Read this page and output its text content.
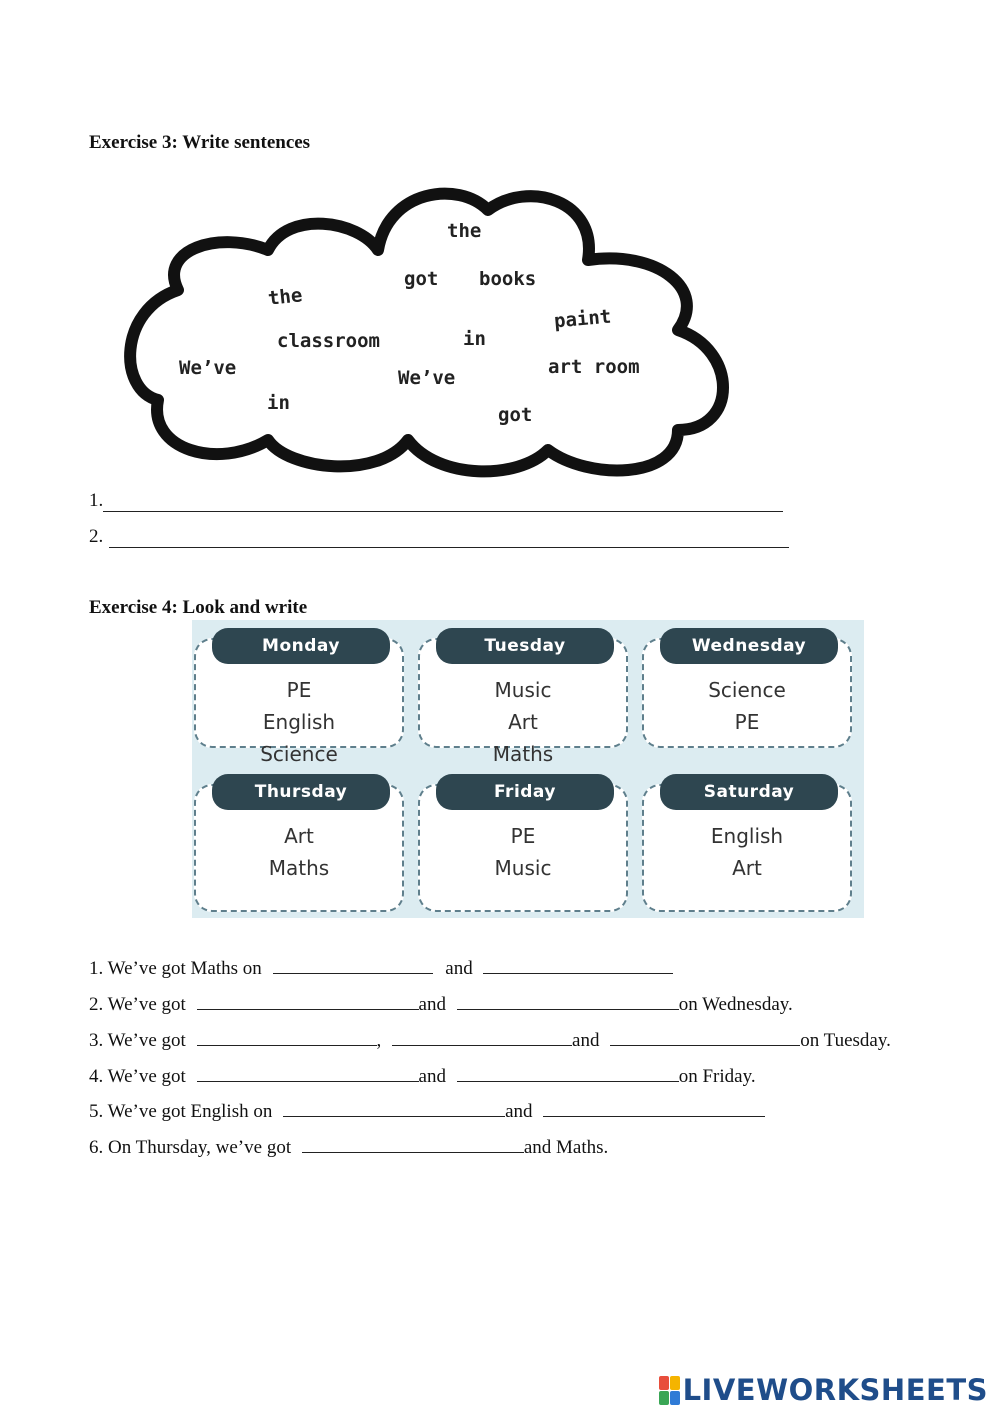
Exercise 3: Write sentences
the
got books
the
paint
classroom	in
We’ve	We’ve	art room
in
got
1.
2.
Exercise 4: Look and write
Monday
PE
English
Science
Tuesday
Music
Art
Maths
Wednesday
Science
PE
Thursday
Art
Maths
Friday
PE
Music
Saturday
English
Art
1. We’ve got Maths on	and
2. We’ve got	and	on Wednesday.
3. We’ve got	,	and	on Tuesday.
4. We’ve got	and	on Friday.
5. We’ve got English on	and
6. On Thursday, we’ve got	and Maths.
LIVEWORKSHEETS
